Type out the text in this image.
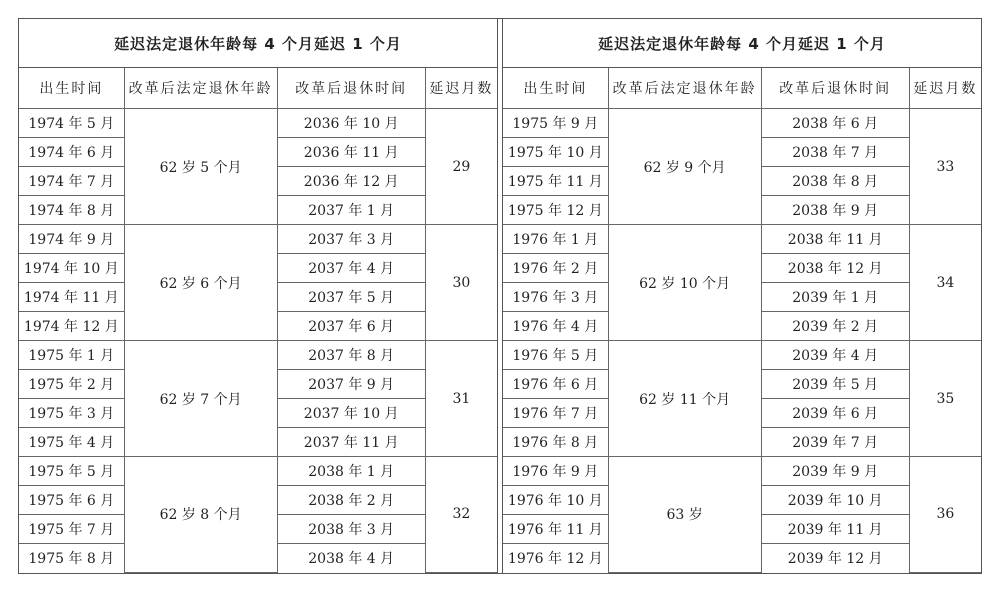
延迟法定退休年龄每 4 个月延迟 1 个月
出生时间	改革后法定退休年龄	改革后退休时间	延迟月数
1974 年 5 月	62 岁 5 个月	2036 年 10 月	29
1974 年 6 月		2036 年 11 月	
1974 年 7 月		2036 年 12 月	
1974 年 8 月		2037 年 1 月	
1974 年 9 月	62 岁 6 个月	2037 年 3 月	30
1974 年 10 月		2037 年 4 月	
1974 年 11 月		2037 年 5 月	
1974 年 12 月		2037 年 6 月	
1975 年 1 月	62 岁 7 个月	2037 年 8 月	31
1975 年 2 月		2037 年 9 月	
1975 年 3 月		2037 年 10 月	
1975 年 4 月		2037 年 11 月	
1975 年 5 月	62 岁 8 个月	2038 年 1 月	32
1975 年 6 月		2038 年 2 月	
1975 年 7 月		2038 年 3 月	
1975 年 8 月		2038 年 4 月	
延迟法定退休年龄每 4 个月延迟 1 个月
出生时间	改革后法定退休年龄	改革后退休时间	延迟月数
1975 年 9 月	62 岁 9 个月	2038 年 6 月	33
1975 年 10 月		2038 年 7 月	
1975 年 11 月		2038 年 8 月	
1975 年 12 月		2038 年 9 月	
1976 年 1 月	62 岁 10 个月	2038 年 11 月	34
1976 年 2 月		2038 年 12 月	
1976 年 3 月		2039 年 1 月	
1976 年 4 月		2039 年 2 月	
1976 年 5 月	62 岁 11 个月	2039 年 4 月	35
1976 年 6 月		2039 年 5 月	
1976 年 7 月		2039 年 6 月	
1976 年 8 月		2039 年 7 月	
1976 年 9 月	63 岁	2039 年 9 月	36
1976 年 10 月		2039 年 10 月	
1976 年 11 月		2039 年 11 月	
1976 年 12 月		2039 年 12 月	
